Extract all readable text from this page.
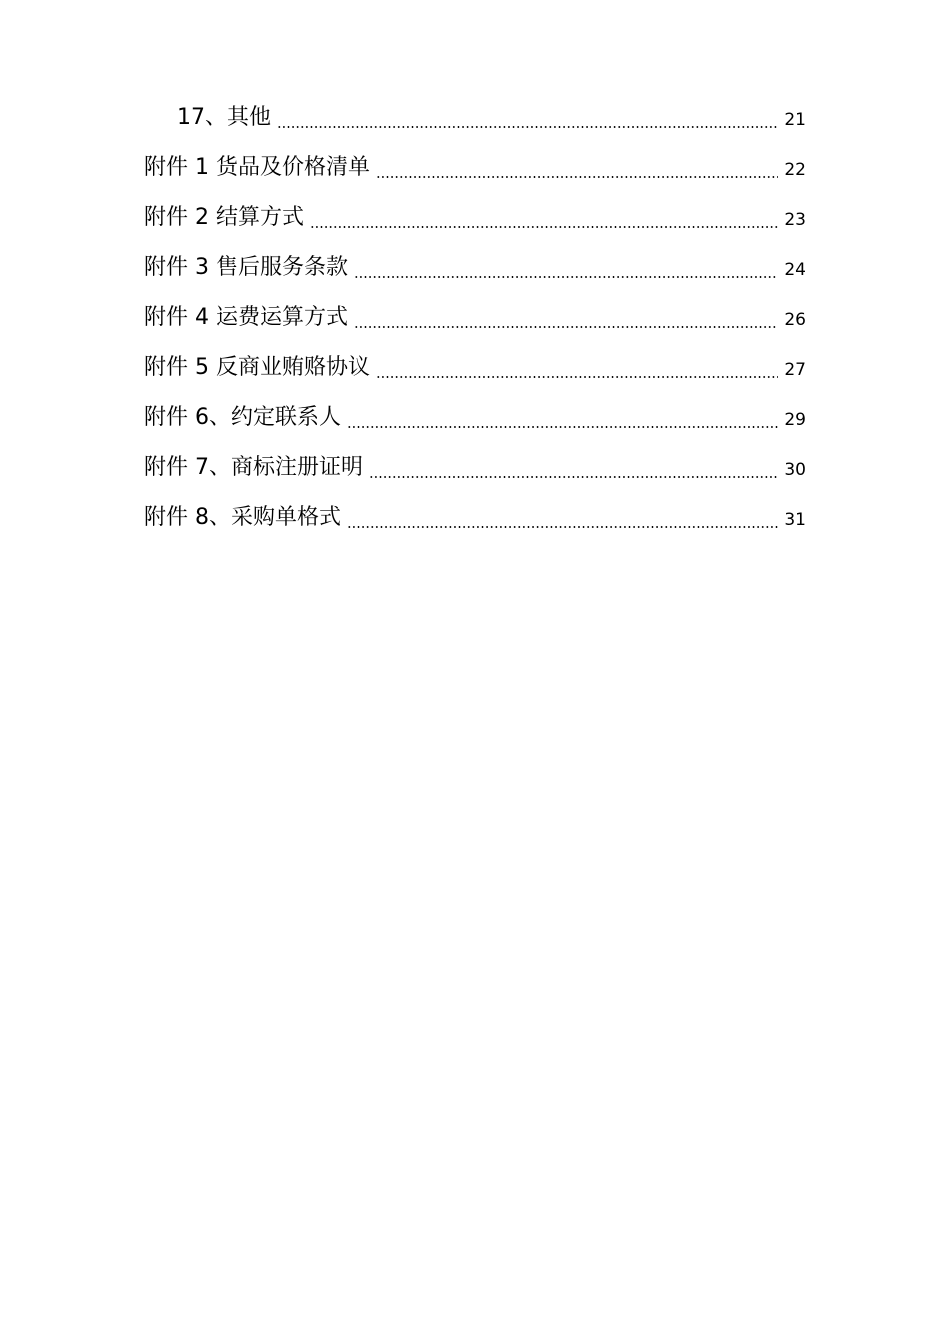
17、其他	21
附件 1 货品及价格清单	22
附件 2 结算方式	23
附件 3 售后服务条款	24
附件 4 运费运算方式	26
附件 5 反商业贿赂协议	27
附件 6、约定联系人	29
附件 7、商标注册证明	30
附件 8、采购单格式	31
